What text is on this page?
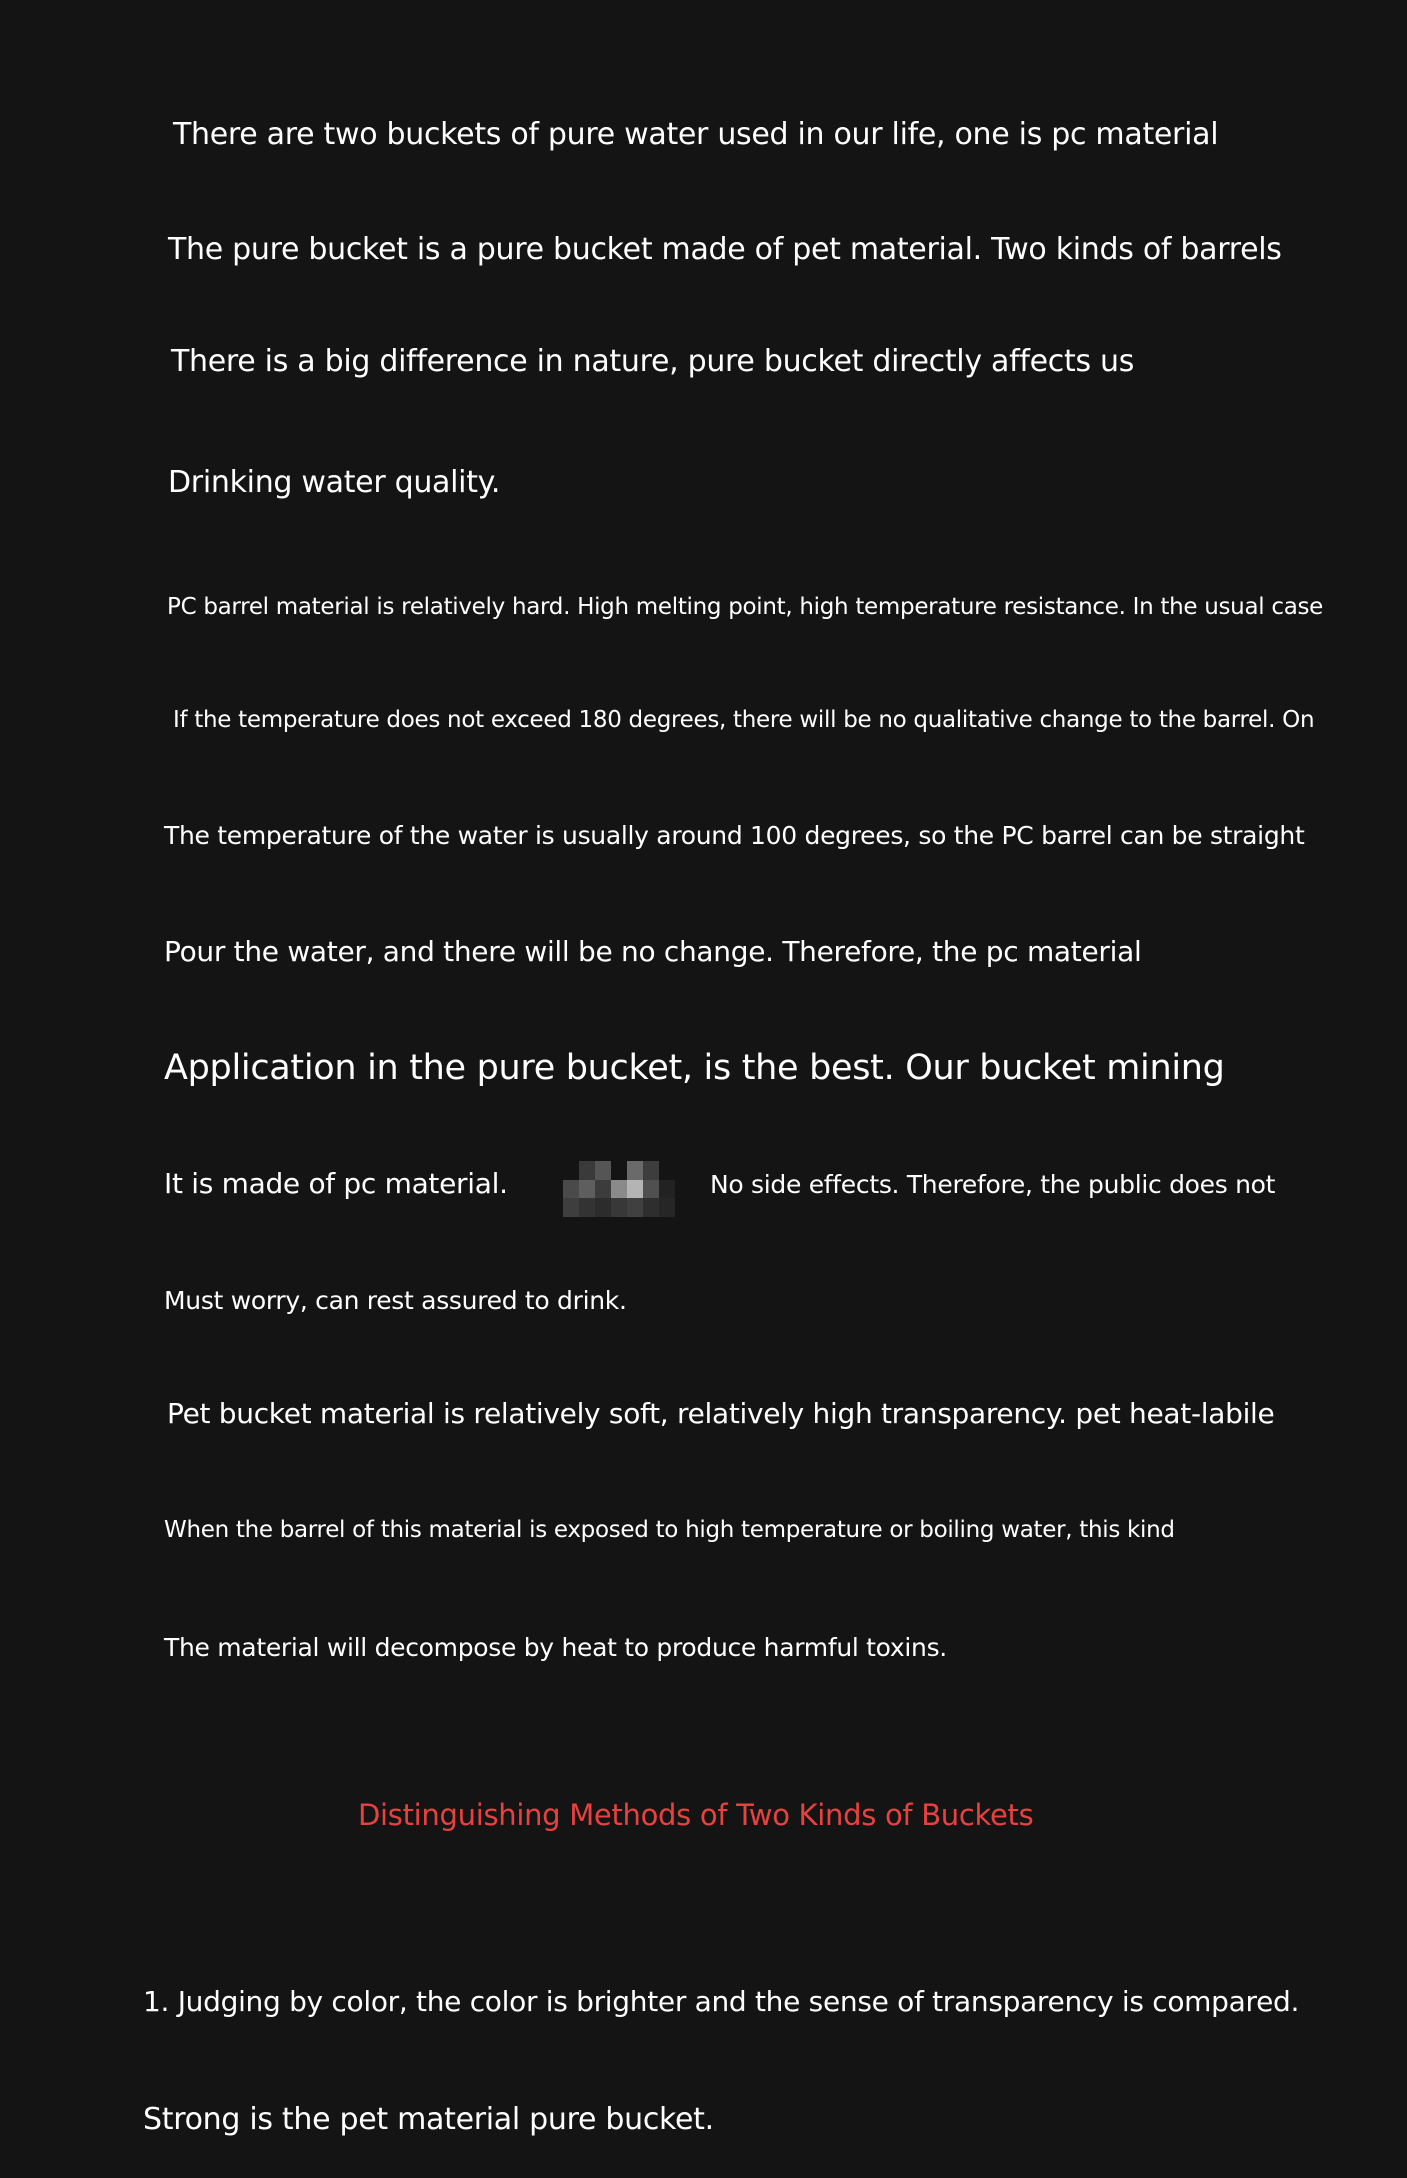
There are two buckets of pure water used in our life, one is pc material
The pure bucket is a pure bucket made of pet material. Two kinds of barrels
There is a big difference in nature, pure bucket directly affects us
Drinking water quality.
PC barrel material is relatively hard. High melting point, high temperature resistance. In the usual case
If the temperature does not exceed 180 degrees, there will be no qualitative change to the barrel. On
The temperature of the water is usually around 100 degrees, so the PC barrel can be straight
Pour the water, and there will be no change. Therefore, the pc material
Application in the pure bucket, is the best. Our bucket mining
It is made of pc material.	No side effects. Therefore, the public does not
Must worry, can rest assured to drink.
Pet bucket material is relatively soft, relatively high transparency. pet heat-labile
When the barrel of this material is exposed to high temperature or boiling water, this kind
The material will decompose by heat to produce harmful toxins.
Distinguishing Methods of Two Kinds of Buckets
1. Judging by color, the color is brighter and the sense of transparency is compared.
Strong is the pet material pure bucket.
